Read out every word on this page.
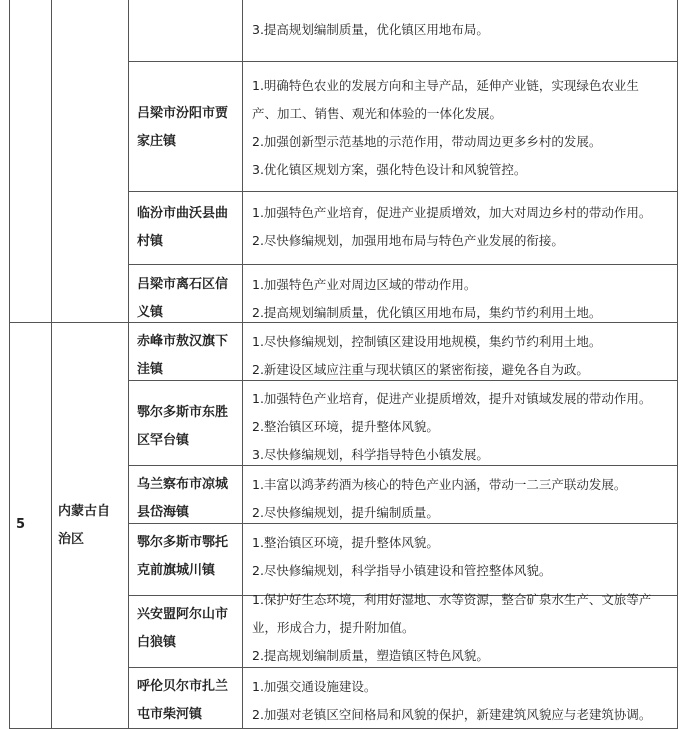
3.提高规划编制质量，优化镇区用地布局。
5
内蒙古自
治区
吕梁市汾阳市贾
家庄镇
1.明确特色农业的发展方向和主导产品，延伸产业链，实现绿色农业生
产、加工、销售、观光和体验的一体化发展。
2.加强创新型示范基地的示范作用，带动周边更多乡村的发展。
3.优化镇区规划方案，强化特色设计和风貌管控。
临汾市曲沃县曲
村镇
1.加强特色产业培育，促进产业提质增效，加大对周边乡村的带动作用。
2.尽快修编规划，加强用地布局与特色产业发展的衔接。
吕梁市离石区信
义镇
1.加强特色产业对周边区域的带动作用。
2.提高规划编制质量，优化镇区用地布局，集约节约利用土地。
赤峰市敖汉旗下
洼镇
1.尽快修编规划，控制镇区建设用地规模，集约节约利用土地。
2.新建设区域应注重与现状镇区的紧密衔接，避免各自为政。
鄂尔多斯市东胜
区罕台镇
1.加强特色产业培育，促进产业提质增效，提升对镇域发展的带动作用。
2.整治镇区环境，提升整体风貌。
3.尽快修编规划，科学指导特色小镇发展。
乌兰察布市凉城
县岱海镇
1.丰富以鸿茅药酒为核心的特色产业内涵，带动一二三产联动发展。
2.尽快修编规划，提升编制质量。
鄂尔多斯市鄂托
克前旗城川镇
1.整治镇区环境，提升整体风貌。
2.尽快修编规划，科学指导小镇建设和管控整体风貌。
兴安盟阿尔山市
白狼镇
1.保护好生态环境，利用好湿地、水等资源，整合矿泉水生产、文旅等产
业，形成合力，提升附加值。
2.提高规划编制质量，塑造镇区特色风貌。
呼伦贝尔市扎兰
屯市柴河镇
1.加强交通设施建设。
2.加强对老镇区空间格局和风貌的保护，新建建筑风貌应与老建筑协调。
